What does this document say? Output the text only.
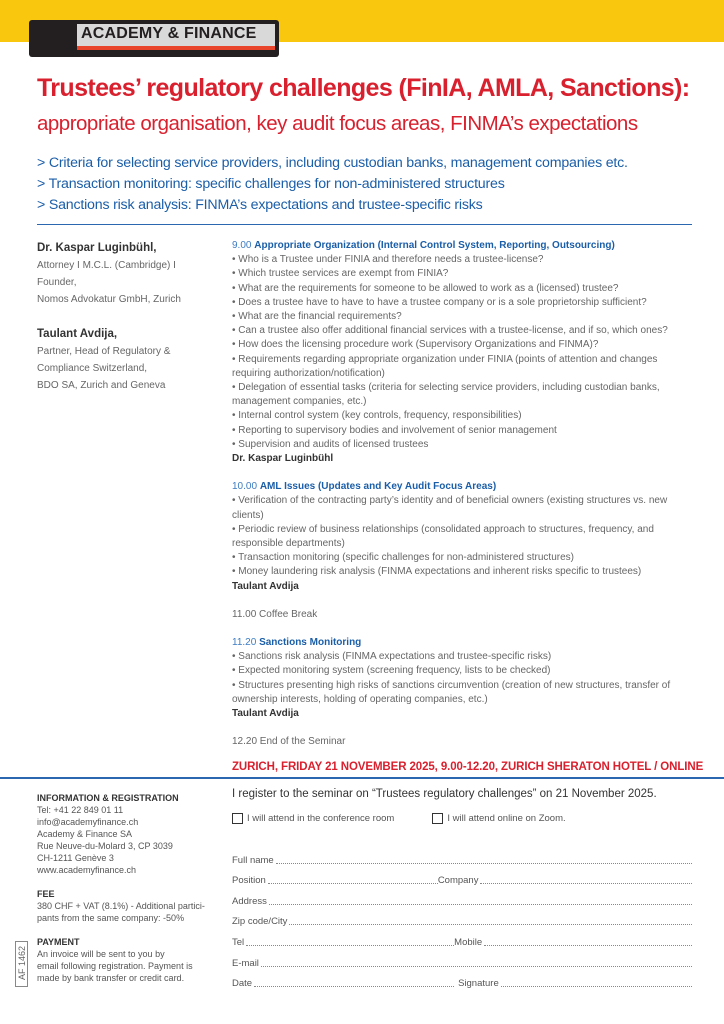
ACADEMY & FINANCE
Trustees’ regulatory challenges (FinIA, AMLA, Sanctions):
appropriate organisation, key audit focus areas, FINMA’s expectations
> Criteria for selecting service providers, including custodian banks, management companies etc.
> Transaction monitoring: specific challenges for non-administered structures
> Sanctions risk analysis: FINMA’s expectations and trustee-specific risks
Dr. Kaspar Luginbühl,
Attorney I M.C.L. (Cambridge) I
Founder,
Nomos Advokatur GmbH, Zurich
Taulant Avdija,
Partner, Head of Regulatory &
Compliance Switzerland,
BDO SA, Zurich and Geneva
9.00 Appropriate Organization (Internal Control System, Reporting, Outsourcing)
• Who is a Trustee under FINIA and therefore needs a trustee-license?
• Which trustee services are exempt from FINIA?
• What are the requirements for someone to be allowed to work as a (licensed) trustee?
• Does a trustee have to have to have a trustee company or is a sole proprietorship sufficient?
• What are the financial requirements?
• Can a trustee also offer additional financial services with a trustee-license, and if so, which ones?
• How does the licensing procedure work (Supervisory Organizations and FINMA)?
• Requirements regarding appropriate organization under FINIA (points of attention and changes requiring authorization/notification)
• Delegation of essential tasks (criteria for selecting service providers, including custodian banks, management companies, etc.)
• Internal control system (key controls, frequency, responsibilities)
• Reporting to supervisory bodies and involvement of senior management
• Supervision and audits of licensed trustees
Dr. Kaspar Luginbühl
10.00 AML Issues (Updates and Key Audit Focus Areas)
• Verification of the contracting party’s identity and of beneficial owners (existing structures vs. new clients)
• Periodic review of business relationships (consolidated approach to structures, frequency, and responsible departments)
• Transaction monitoring (specific challenges for non-administered structures)
• Money laundering risk analysis (FINMA expectations and inherent risks specific to trustees)
Taulant Avdija
11.00 Coffee Break
11.20 Sanctions Monitoring
• Sanctions risk analysis (FINMA expectations and trustee-specific risks)
• Expected monitoring system (screening frequency, lists to be checked)
• Structures presenting high risks of sanctions circumvention (creation of new structures, transfer of ownership interests, holding of operating companies, etc.)
Taulant Avdija
12.20 End of the Seminar
ZURICH, FRIDAY 21 NOVEMBER 2025, 9.00-12.20, ZURICH SHERATON HOTEL / ONLINE
INFORMATION & REGISTRATION
Tel: +41 22 849 01 11
info@academyfinance.ch
Academy & Finance SA
Rue Neuve-du-Molard 3, CP 3039
CH-1211 Genève 3
www.academyfinance.ch
FEE
380 CHF + VAT (8.1%) - Additional partici-
pants from the same company: -50%
PAYMENT
An invoice will be sent to you by
email following registration. Payment is
made by bank transfer or credit card.
AF 1462
I register to the seminar on “Trustees regulatory challenges” on 21 November 2025.
I will attend in the conference room	I will attend online on Zoom.
Full name
Position	Company
Address
Zip code/City
Tel	Mobile
E-mail
Date	Signature
